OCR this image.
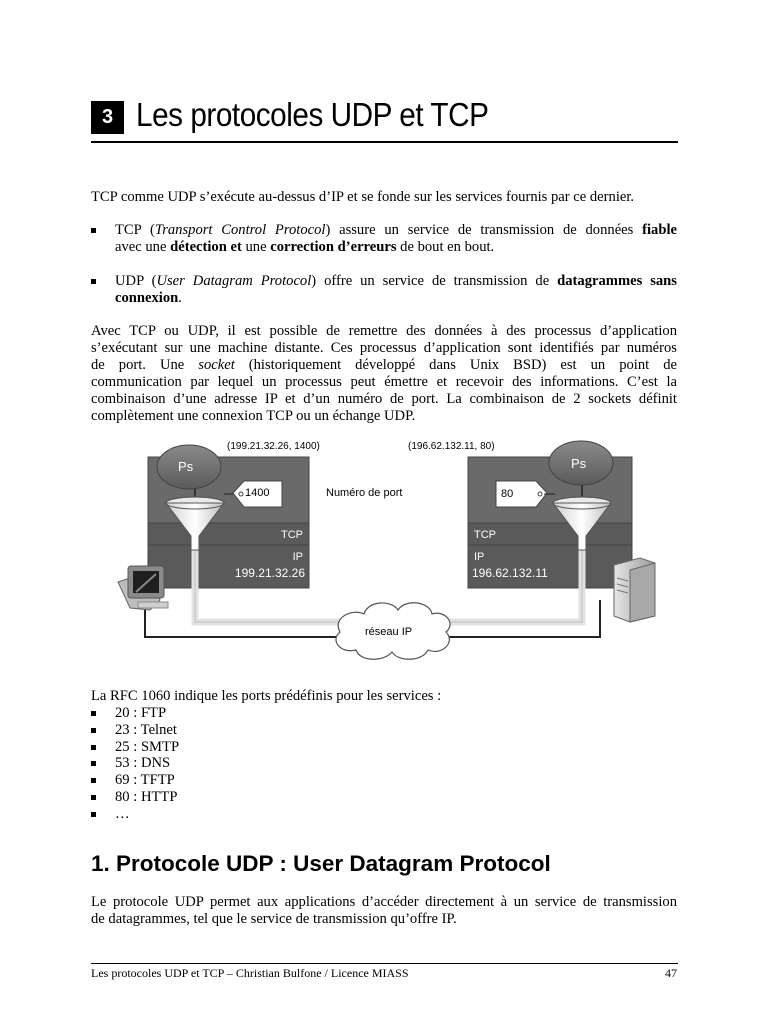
3 Les protocoles UDP et TCP
TCP comme UDP s’exécute au-dessus d’IP et se fonde sur les services fournis par ce dernier.
TCP (Transport Control Protocol) assure un service de transmission de données fiable
avec une détection et une correction d’erreurs de bout en bout.
UDP (User Datagram Protocol) offre un service de transmission de datagrammes sans
connexion.
Avec TCP ou UDP, il est possible de remettre des données à des processus d’application
s’exécutant sur une machine distante. Ces processus d’application sont identifiés par numéros
de port. Une socket (historiquement développé dans Unix BSD) est un point de
communication par lequel un processus peut émettre et recevoir des informations. C’est la
combinaison d’une adresse IP et d’un numéro de port. La combinaison de 2 sockets définit
complètement une connexion TCP ou un échange UDP.
(199.21.32.26, 1400)	(196.62.132.11, 80)
TCP
IP
199.21.32.26
TCP
IP
196.62.132.11
Ps	Ps
1400	80
Numéro de port
réseau IP
La RFC 1060 indique les ports prédéfinis pour les services :
20 : FTP
23 : Telnet
25 : SMTP
53 : DNS
69 : TFTP
80 : HTTP
…
1. Protocole UDP : User Datagram Protocol
Le protocole UDP permet aux applications d’accéder directement à un service de transmission
de datagrammes, tel que le service de transmission qu’offre IP.
Les protocoles UDP et TCP – Christian Bulfone / Licence MIASS	47
